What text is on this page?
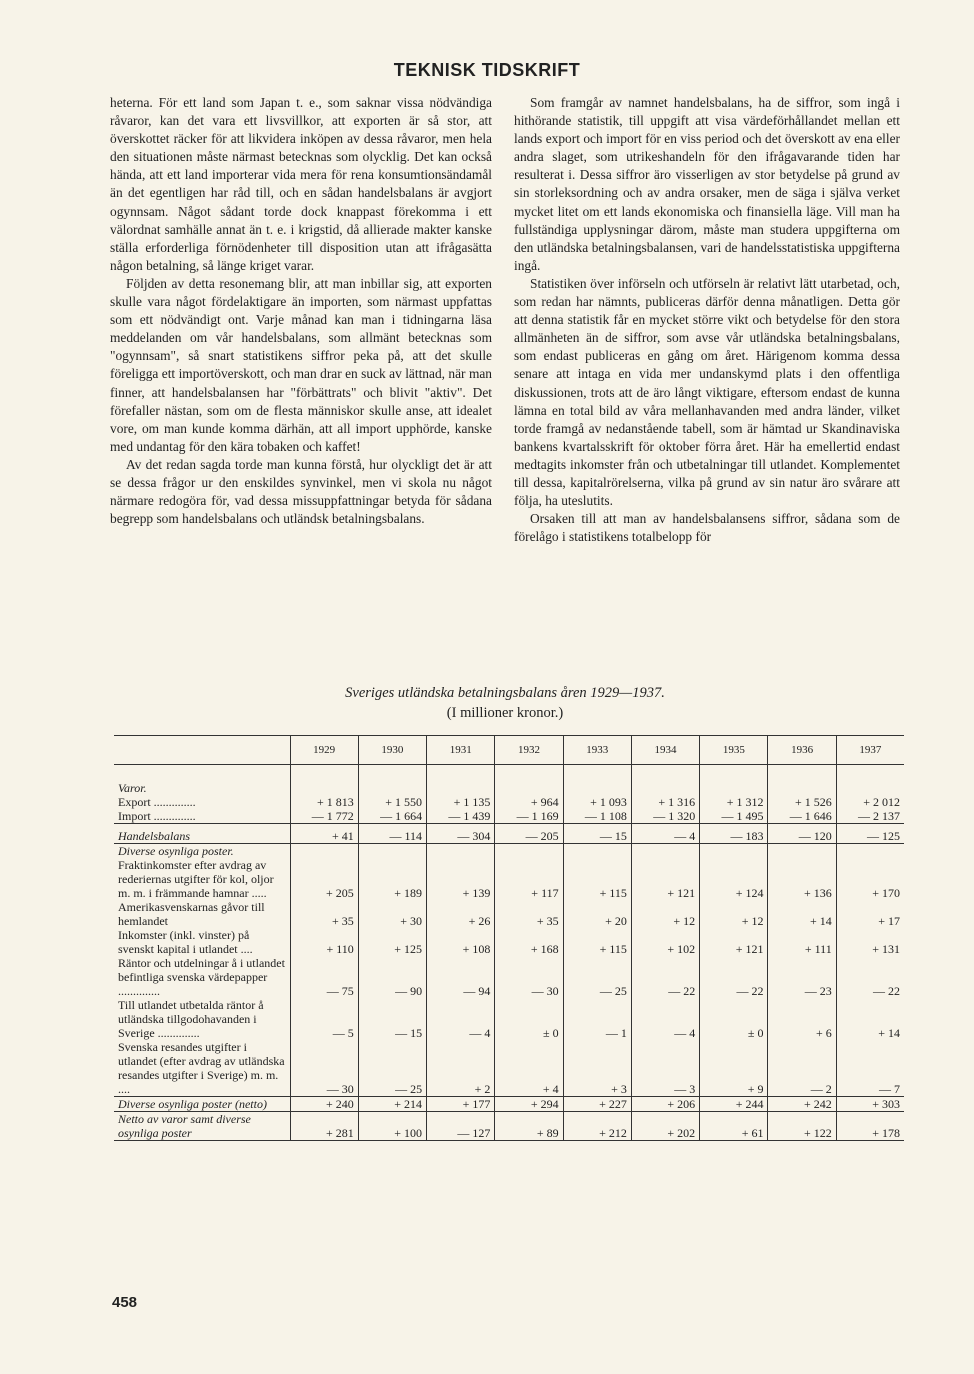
TEKNISK TIDSKRIFT

heterna. För ett land som Japan t. e., som saknar vissa nödvändiga råvaror, kan det vara ett livsvillkor, att exporten är så stor, att överskottet räcker för att likvidera inköpen av dessa råvaror, men hela den situationen måste närmast betecknas som olycklig. Det kan också hända, att ett land importerar vida mera för rena konsumtionsändamål än det egentligen har råd till, och en sådan handelsbalans är avgjort ogynnsam. Något sådant torde dock knappast förekomma i ett välordnat samhälle annat än t. e. i krigstid, då allierade makter kanske ställa erforderliga förnödenheter till disposition utan att ifrågasätta någon betalning, så länge kriget varar.

Följden av detta resonemang blir, att man inbillar sig, att exporten skulle vara något fördelaktigare än importen, som närmast uppfattas som ett nödvändigt ont. Varje månad kan man i tidningarna läsa meddelanden om vår handelsbalans, som allmänt betecknas som "ogynnsam", så snart statistikens siffror peka på, att det skulle föreligga ett importöverskott, och man drar en suck av lättnad, när man finner, att handelsbalansen har "förbättrats" och blivit "aktiv". Det förefaller nästan, som om de flesta människor skulle anse, att idealet vore, om man kunde komma därhän, att all import upphörde, kanske med undantag för den kära tobaken och kaffet!

Av det redan sagda torde man kunna förstå, hur olyckligt det är att se dessa frågor ur den enskildes synvinkel, men vi skola nu något närmare redogöra för, vad dessa missuppfattningar betyda för sådana begrepp som handelsbalans och utländsk betalningsbalans.

Som framgår av namnet handelsbalans, ha de siffror, som ingå i hithörande statistik, till uppgift att visa värdeförhållandet mellan ett lands export och import för en viss period och det överskott av ena eller andra slaget, som utrikeshandeln för den ifrågavarande tiden har resulterat i. Dessa siffror äro visserligen av stor betydelse på grund av sin storleksordning och av andra orsaker, men de säga i själva verket mycket litet om ett lands ekonomiska och finansiella läge. Vill man ha fullständiga upplysningar därom, måste man studera uppgifterna om den utländska betalningsbalansen, vari de handelsstatistiska uppgifterna ingå.

Statistiken över införseln och utförseln är relativt lätt utarbetad, och, som redan har nämnts, publiceras därför denna månatligen. Detta gör att denna statistik får en mycket större vikt och betydelse för den stora allmänheten än de siffror, som avse vår utländska betalningsbalans, som endast publiceras en gång om året. Härigenom komma dessa senare att intaga en vida mer undanskymd plats i den offentliga diskussionen, trots att de äro långt viktigare, eftersom endast de kunna lämna en total bild av våra mellanhavanden med andra länder, vilket torde framgå av nedanstående tabell, som är hämtad ur Skandinaviska bankens kvartalsskrift för oktober förra året. Här ha emellertid endast medtagits inkomster från och utbetalningar till utlandet. Komplementet till dessa, kapitalrörelserna, vilka på grund av sin natur äro svårare att följa, ha uteslutits.

Orsaken till att man av handelsbalansens siffror, sådana som de förelågo i statistikens totalbelopp för

Sveriges utländska betalningsbalans åren 1929—1937.
(I millioner kronor.)
	1929	1930	1931	1932	1933	1934	1935	1936	1937
Varor.									
Export ..............	+ 1 813	+ 1 550	+ 1 135	+ 964	+ 1 093	+ 1 316	+ 1 312	+ 1 526	+ 2 012
Import ..............	— 1 772	— 1 664	— 1 439	— 1 169	— 1 108	— 1 320	— 1 495	— 1 646	— 2 137
Handelsbalans	+ 41	— 114	— 304	— 205	— 15	— 4	— 183	— 120	— 125
Diverse osynliga poster.									
Fraktinkomster efter avdrag av rederiernas utgifter för kol, oljor m. m. i främmande hamnar .....	+ 205	+ 189	+ 139	+ 117	+ 115	+ 121	+ 124	+ 136	+ 170
Amerikasvenskarnas gåvor till hemlandet	+ 35	+ 30	+ 26	+ 35	+ 20	+ 12	+ 12	+ 14	+ 17
Inkomster (inkl. vinster) på svenskt kapital i utlandet ....	+ 110	+ 125	+ 108	+ 168	+ 115	+ 102	+ 121	+ 111	+ 131
Räntor och utdelningar å i utlandet befintliga svenska värdepapper ..............	— 75	— 90	— 94	— 30	— 25	— 22	— 22	— 23	— 22
Till utlandet utbetalda räntor å utländska tillgodohavanden i Sverige ..............	— 5	— 15	— 4	± 0	— 1	— 4	± 0	+ 6	+ 14
Svenska resandes utgifter i utlandet (efter avdrag av utländska resandes utgifter i Sverige) m. m. ....	— 30	— 25	+ 2	+ 4	+ 3	— 3	+ 9	— 2	— 7
Diverse osynliga poster (netto)	+ 240	+ 214	+ 177	+ 294	+ 227	+ 206	+ 244	+ 242	+ 303
Netto av varor samt diverse osynliga poster	+ 281	+ 100	— 127	+ 89	+ 212	+ 202	+ 61	+ 122	+ 178
458
